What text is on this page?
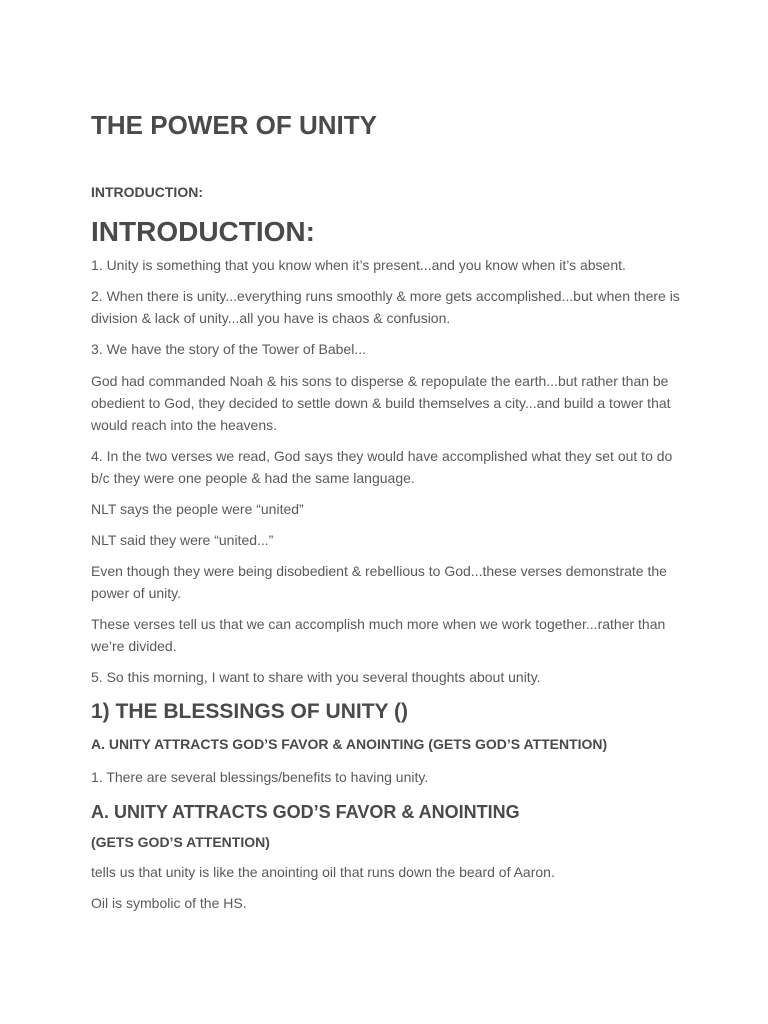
THE POWER OF UNITY
INTRODUCTION:
INTRODUCTION:

1. Unity is something that you know when it’s present...and you know when it’s absent.

2. When there is unity...everything runs smoothly & more gets accomplished...but when there is division & lack of unity...all you have is chaos & confusion.

3. We have the story of the Tower of Babel...

God had commanded Noah & his sons to disperse & repopulate the earth...but rather than be obedient to God, they decided to settle down & build themselves a city...and build a tower that would reach into the heavens.

4. In the two verses we read, God says they would have accomplished what they set out to do b/c they were one people & had the same language.

NLT says the people were “united”

NLT said they were “united...”

Even though they were being disobedient & rebellious to God...these verses demonstrate the power of unity.

These verses tell us that we can accomplish much more when we work together...rather than we’re divided.

5. So this morning, I want to share with you several thoughts about unity.

1) THE BLESSINGS OF UNITY ()
A. UNITY ATTRACTS GOD’S FAVOR & ANOINTING (GETS GOD’S ATTENTION)

1. There are several blessings/benefits to having unity.

A. UNITY ATTRACTS GOD’S FAVOR & ANOINTING
(GETS GOD’S ATTENTION)

tells us that unity is like the anointing oil that runs down the beard of Aaron.

Oil is symbolic of the HS.
